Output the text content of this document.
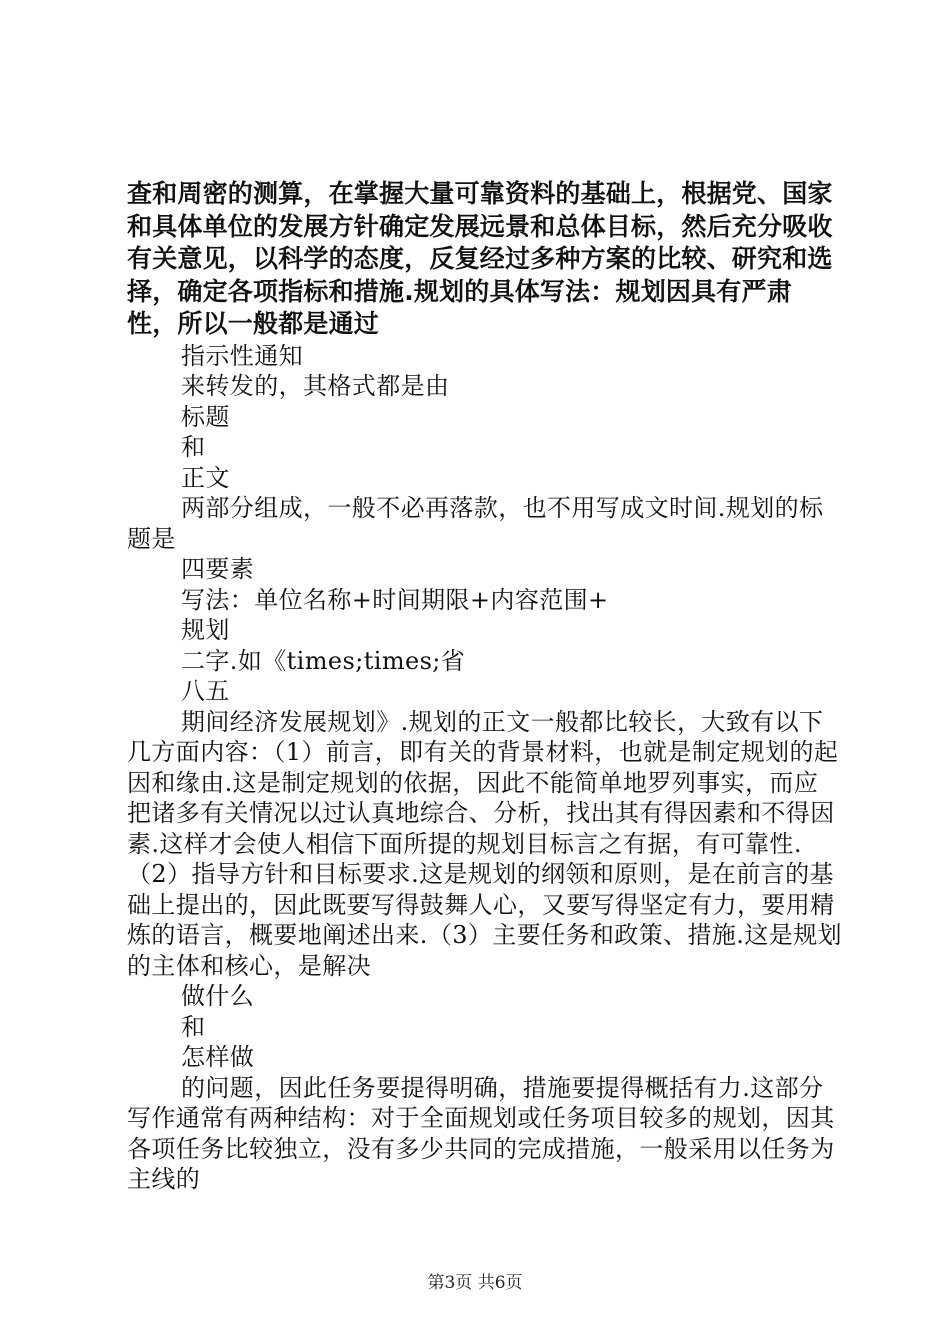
查和周密的测算，在掌握大量可靠资料的基础上，根据党、国家和具体单位的发展方针确定发展远景和总体目标，然后充分吸收有关意见，以科学的态度，反复经过多种方案的比较、研究和选择，确定各项指标和措施.规划的具体写法：规划因具有严肃性，所以一般都是通过

指示性通知

来转发的，其格式都是由

标题

和

正文

两部分组成，一般不必再落款，也不用写成文时间.规划的标题是

四要素

写法：单位名称+时间期限+内容范围+

规划

二字.如《times;times;省

八五

期间经济发展规划》.规划的正文一般都比较长，大致有以下几方面内容：（1）前言，即有关的背景材料，也就是制定规划的起因和缘由.这是制定规划的依据，因此不能简单地罗列事实，而应把诸多有关情况以过认真地综合、分析，找出其有得因素和不得因素.这样才会使人相信下面所提的规划目标言之有据，有可靠性.（2）指导方针和目标要求.这是规划的纲领和原则，是在前言的基础上提出的，因此既要写得鼓舞人心，又要写得坚定有力，要用精炼的语言，概要地阐述出来.（3）主要任务和政策、措施.这是规划的主体和核心，是解决

做什么

和

怎样做

的问题，因此任务要提得明确，措施要提得概括有力.这部分写作通常有两种结构：对于全面规划或任务项目较多的规划，因其各项任务比较独立，没有多少共同的完成措施，一般采用以任务为主线的

第3页 共6页
